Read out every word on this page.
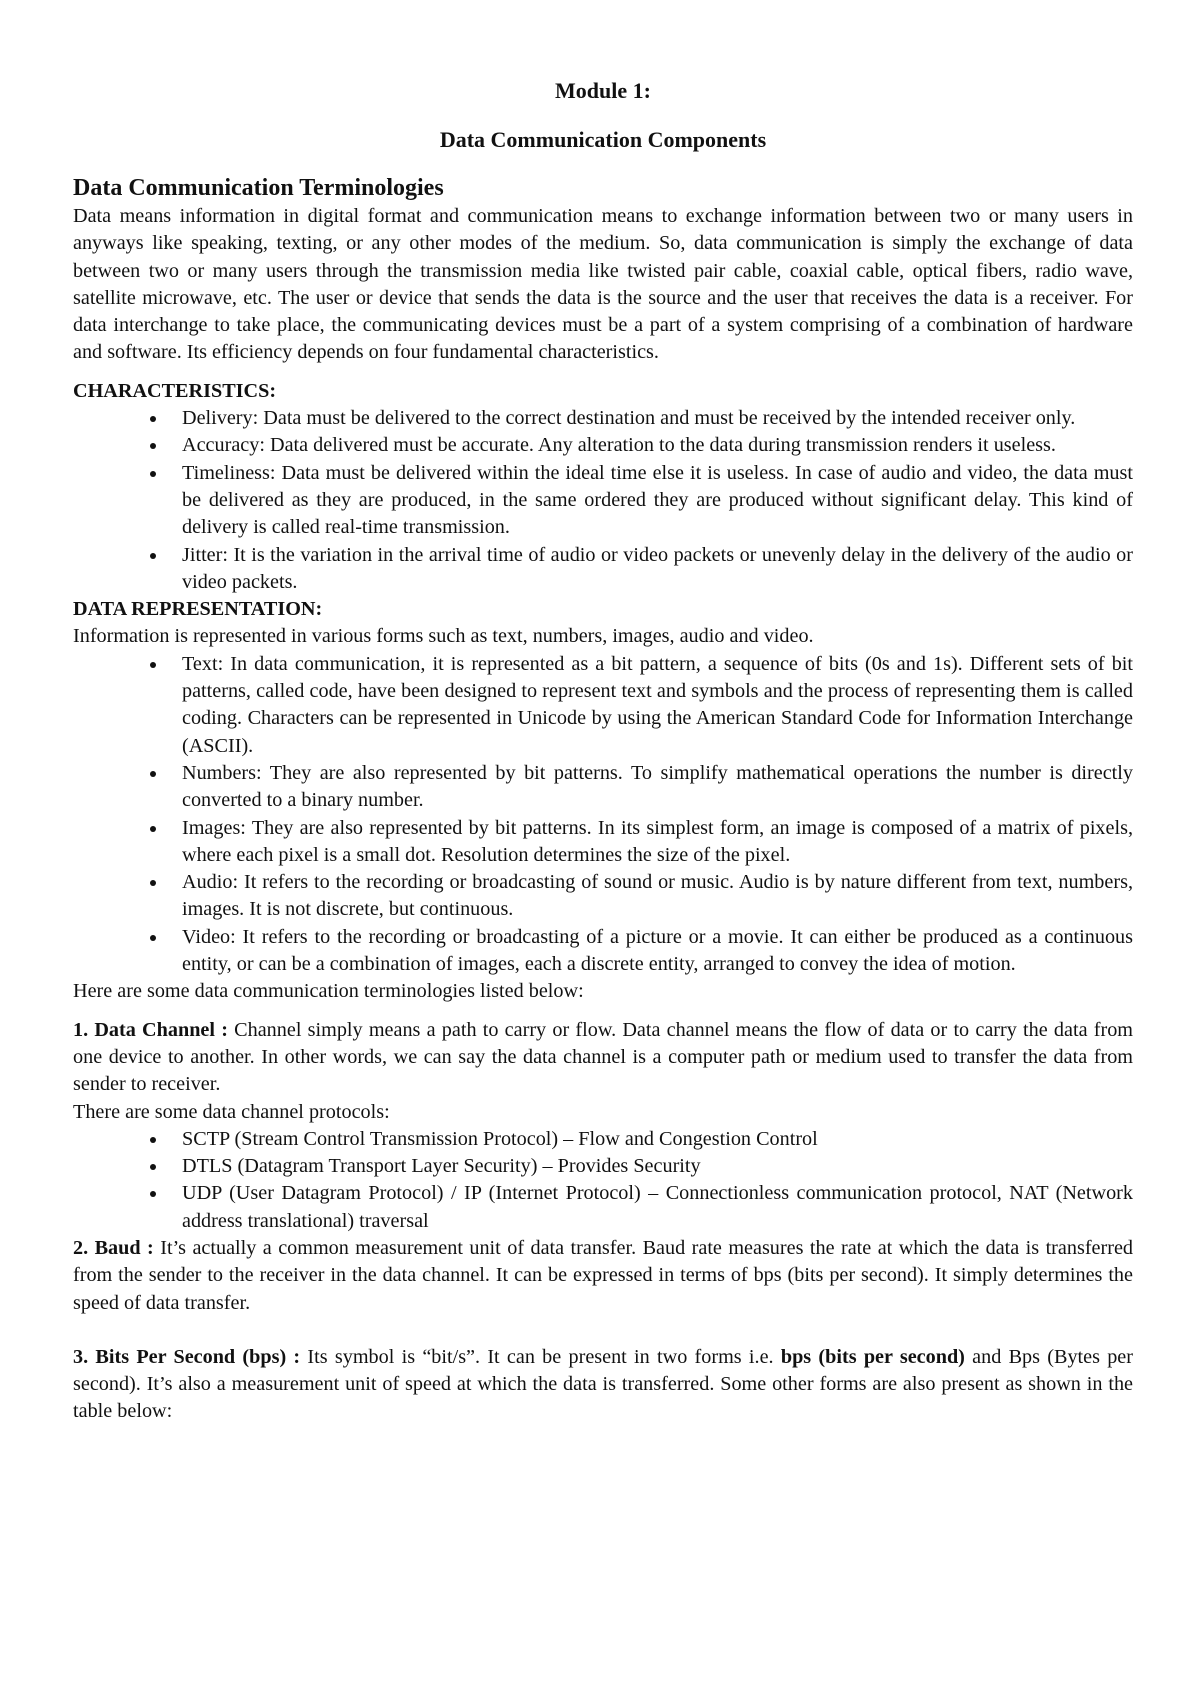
Module 1:
Data Communication Components
Data Communication Terminologies

Data means information in digital format and communication means to exchange information between two or many users in anyways like speaking, texting, or any other modes of the medium. So, data communication is simply the exchange of data between two or many users through the transmission media like twisted pair cable, coaxial cable, optical fibers, radio wave, satellite microwave, etc. The user or device that sends the data is the source and the user that receives the data is a receiver. For data interchange to take place, the communicating devices must be a part of a system comprising of a combination of hardware and software. Its efficiency depends on four fundamental characteristics.

CHARACTERISTICS:

Delivery: Data must be delivered to the correct destination and must be received by the intended receiver only.
Accuracy: Data delivered must be accurate. Any alteration to the data during transmission renders it useless.
Timeliness: Data must be delivered within the ideal time else it is useless. In case of audio and video, the data must be delivered as they are produced, in the same ordered they are produced without significant delay. This kind of delivery is called real-time transmission.
Jitter: It is the variation in the arrival time of audio or video packets or unevenly delay in the delivery of the audio or video packets.

DATA REPRESENTATION:

Information is represented in various forms such as text, numbers, images, audio and video.

Text: In data communication, it is represented as a bit pattern, a sequence of bits (0s and 1s). Different sets of bit patterns, called code, have been designed to represent text and symbols and the process of representing them is called coding. Characters can be represented in Unicode by using the American Standard Code for Information Interchange (ASCII).
Numbers: They are also represented by bit patterns. To simplify mathematical operations the number is directly converted to a binary number.
Images: They are also represented by bit patterns. In its simplest form, an image is composed of a matrix of pixels, where each pixel is a small dot. Resolution determines the size of the pixel.
Audio: It refers to the recording or broadcasting of sound or music. Audio is by nature different from text, numbers, images. It is not discrete, but continuous.
Video: It refers to the recording or broadcasting of a picture or a movie. It can either be produced as a continuous entity, or can be a combination of images, each a discrete entity, arranged to convey the idea of motion.

Here are some data communication terminologies listed below:

1. Data Channel : Channel simply means a path to carry or flow. Data channel means the flow of data or to carry the data from one device to another. In other words, we can say the data channel is a computer path or medium used to transfer the data from sender to receiver.

There are some data channel protocols:

SCTP (Stream Control Transmission Protocol) – Flow and Congestion Control
DTLS (Datagram Transport Layer Security) – Provides Security
UDP (User Datagram Protocol) / IP (Internet Protocol) – Connectionless communication protocol, NAT (Network address translational) traversal

2. Baud : It’s actually a common measurement unit of data transfer. Baud rate measures the rate at which the data is transferred from the sender to the receiver in the data channel. It can be expressed in terms of bps (bits per second). It simply determines the speed of data transfer.

3. Bits Per Second (bps) : Its symbol is “bit/s”. It can be present in two forms i.e. bps (bits per second) and Bps (Bytes per second). It’s also a measurement unit of speed at which the data is transferred. Some other forms are also present as shown in the table below:
